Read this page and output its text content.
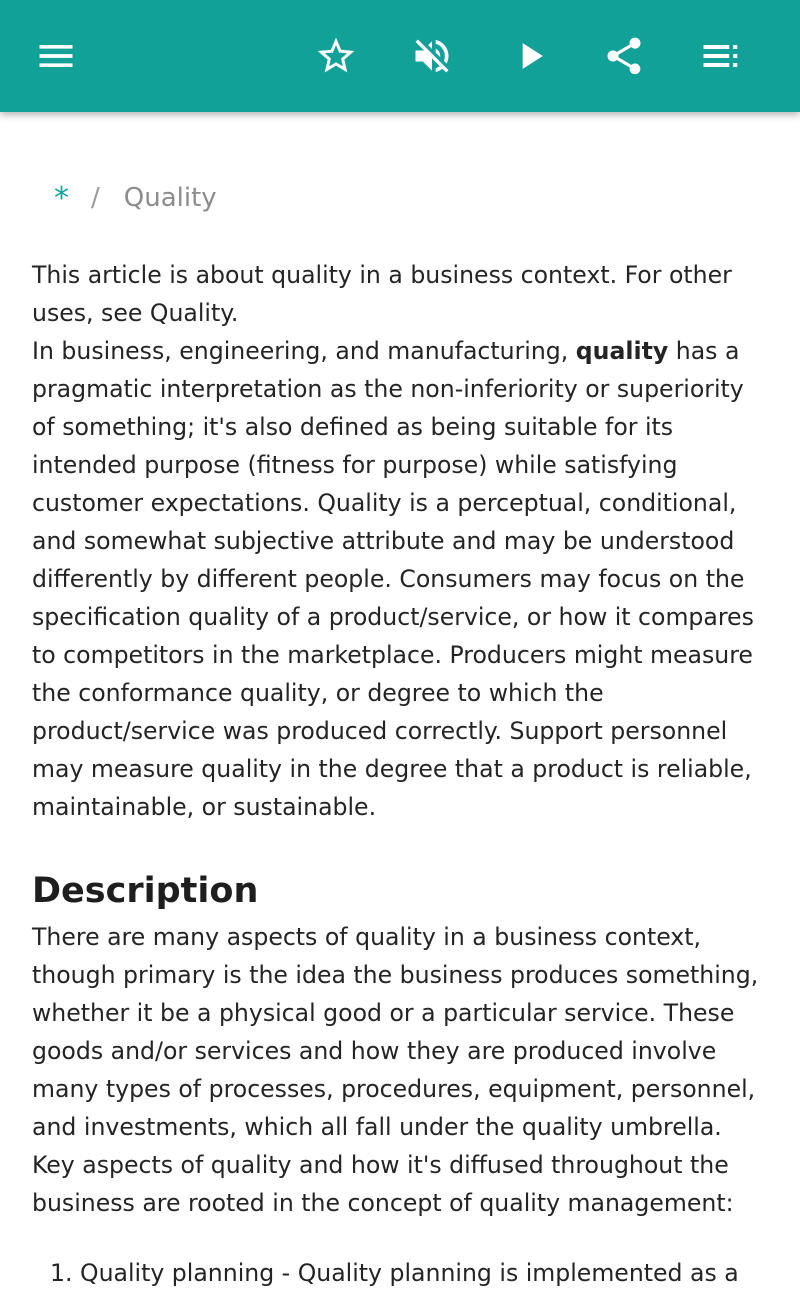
* / Quality

This article is about quality in a business context. For other uses, see Quality.

In business, engineering, and manufacturing, quality has a pragmatic interpretation as the non-inferiority or superiority of something; it's also defined as being suitable for its intended purpose (fitness for purpose) while satisfying customer expectations. Quality is a perceptual, conditional, and somewhat subjective attribute and may be understood differently by different people. Consumers may focus on the specification quality of a product/service, or how it compares to competitors in the marketplace. Producers might measure the conformance quality, or degree to which the product/service was produced correctly. Support personnel may measure quality in the degree that a product is reliable, maintainable, or sustainable.

Description

There are many aspects of quality in a business context, though primary is the idea the business produces something, whether it be a physical good or a particular service. These goods and/or services and how they are produced involve many types of processes, procedures, equipment, personnel, and investments, which all fall under the quality umbrella. Key aspects of quality and how it's diffused throughout the business are rooted in the concept of quality management:

1. Quality planning - Quality planning is implemented as a
